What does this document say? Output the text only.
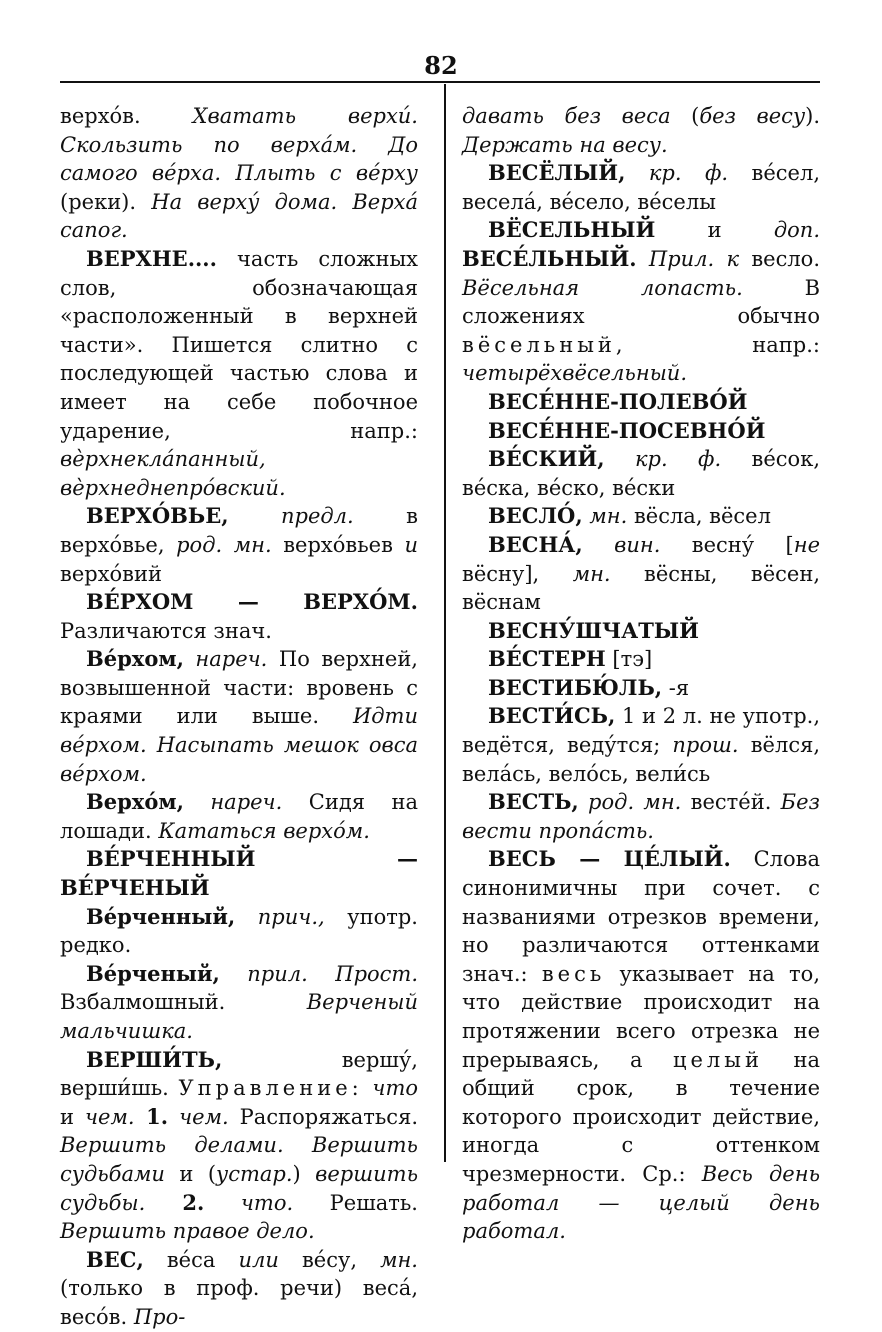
82

верхо́в. Хватать верхи́. Скользить по верха́м. До самого ве́рха. Плыть с ве́рху (реки). На верху́ дома. Верха́ сапог.

ВЕРХНЕ.... часть сложных слов, обозначающая «расположенный в верхней части». Пишется слитно с последующей частью слова и имеет на себе побочное ударение, напр.: вѐрхнеклáпанный, вѐрхнеднепро́вский.

ВЕРХО́ВЬЕ, предл. в верхо́вье, род. мн. верхо́вьев и верхо́вий

ВЕ́РХОМ — ВЕРХО́М. Различаются знач.

Ве́рхом, нареч. По верхней, возвышенной части: вровень с краями или выше. Идти ве́рхом. Насыпать мешок овса ве́рхом.

Верхо́м, нареч. Сидя на лошади. Кататься верхо́м.

ВЕ́РЧЕННЫЙ — ВЕ́РЧЕНЫЙ

Ве́рченный, прич., употр. редко.

Ве́рченый, прил. Прост. Взбалмошный. Верченый мальчишка.

ВЕРШИ́ТЬ, вершу́, верши́шь. Управление: что и чем. 1. чем. Распоряжаться. Вершить делами. Вершить судьбами и (устар.) вершить судьбы. 2. что. Решать. Вершить правое дело.

ВЕС, ве́са или ве́су, мн. (только в проф. речи) веса́, весо́в. Про-

давать без веса (без весу). Держать на весу.

ВЕСЁЛЫЙ, кр. ф. ве́сел, весела́, ве́село, ве́селы

ВЁСЕЛЬНЫЙ и доп. ВЕСЕ́ЛЬНЫЙ. Прил. к весло. Вёсельная лопасть. В сложениях обычно вёсельный, напр.: четырёхвёсельный.

ВЕСЕ́ННЕ-ПОЛЕВО́Й

ВЕСЕ́ННЕ-ПОСЕВНО́Й

ВЕ́СКИЙ, кр. ф. ве́сок, ве́ска, ве́ско, ве́ски

ВЕСЛО́, мн. вёсла, вёсел

ВЕСНА́, вин. весну́ [не вёсну], мн. вёсны, вёсен, вёснам

ВЕСНУ́ШЧАТЫЙ

ВЕ́СТЕРН [тэ]

ВЕСТИБЮ́ЛЬ, -я

ВЕСТИ́СЬ, 1 и 2 л. не употр., ведётся, веду́тся; прош. вёлся, вела́сь, вело́сь, вели́сь

ВЕСТЬ, род. мн. весте́й. Без вести пропа́сть.

ВЕСЬ — ЦЕ́ЛЫЙ. Слова синонимичны при сочет. с названиями отрезков времени, но различаются оттенками знач.: весь указывает на то, что действие происходит на протяжении всего отрезка не прерываясь, а целый на общий срок, в течение которого происходит действие, иногда с оттенком чрезмерности. Ср.: Весь день работал — целый день работал.
